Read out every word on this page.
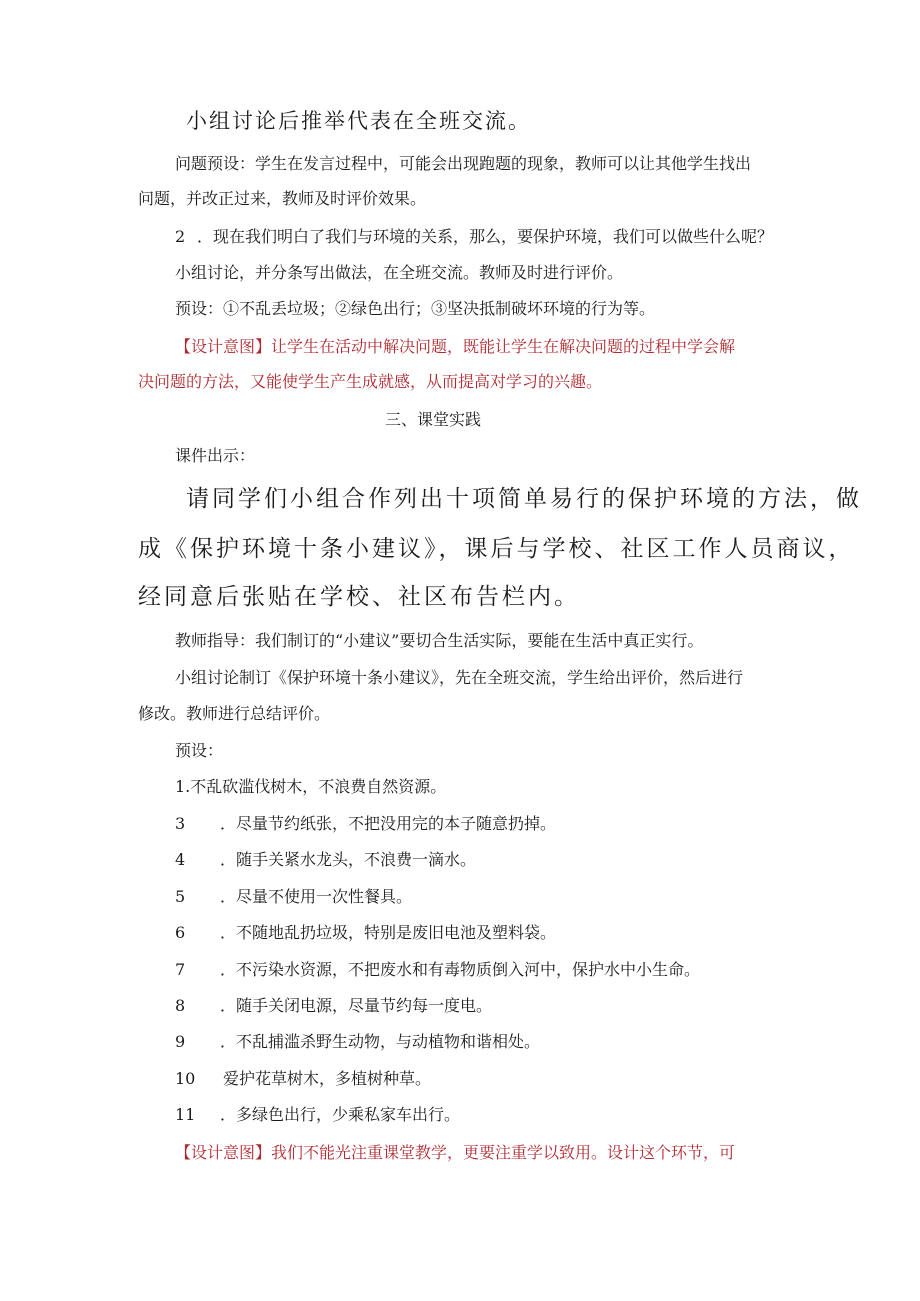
小组讨论后推举代表在全班交流。
问题预设：学生在发言过程中，可能会出现跑题的现象，教师可以让其他学生找出
问题，并改正过来，教师及时评价效果。
2 ．现在我们明白了我们与环境的关系，那么，要保护环境，我们可以做些什么呢？
小组讨论，并分条写出做法，在全班交流。教师及时进行评价。
预设：①不乱丢垃圾；②绿色出行；③坚决抵制破坏环境的行为等。
【设计意图】让学生在活动中解决问题，既能让学生在解决问题的过程中学会解
决问题的方法，又能使学生产生成就感，从而提高对学习的兴趣。
三、课堂实践
课件出示：
请同学们小组合作列出十项简单易行的保护环境的方法，做
成《保护环境十条小建议》，课后与学校、社区工作人员商议，
经同意后张贴在学校、社区布告栏内。
教师指导：我们制订的“小建议”要切合生活实际，要能在生活中真正实行。
小组讨论制订《保护环境十条小建议》，先在全班交流，学生给出评价，然后进行
修改。教师进行总结评价。
预设：
1.不乱砍滥伐树木，不浪费自然资源。
3 ．尽量节约纸张，不把没用完的本子随意扔掉。
4 ．随手关紧水龙头，不浪费一滴水。
5 ．尽量不使用一次性餐具。
6 ．不随地乱扔垃圾，特别是废旧电池及塑料袋。
7 ．不污染水资源，不把废水和有毒物质倒入河中，保护水中小生命。
8 ．随手关闭电源，尽量节约每一度电。
9 ．不乱捕滥杀野生动物，与动植物和谐相处。
10 爱护花草树木，多植树种草。
11 ．多绿色出行，少乘私家车出行。
【设计意图】我们不能光注重课堂教学，更要注重学以致用。设计这个环节，可
